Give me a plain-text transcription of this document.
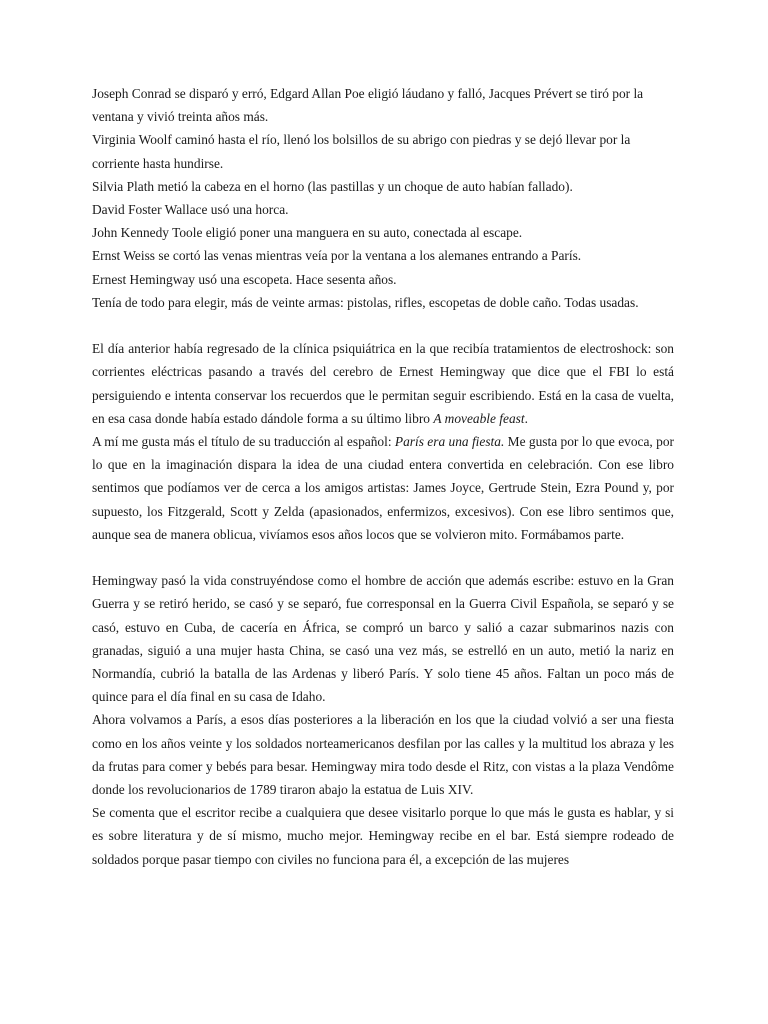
Joseph Conrad se disparó y erró, Edgard Allan Poe eligió láudano y falló, Jacques Prévert se tiró por la ventana y vivió treinta años más.

Virginia Woolf caminó hasta el río, llenó los bolsillos de su abrigo con piedras y se dejó llevar por la corriente hasta hundirse.

Silvia Plath metió la cabeza en el horno (las pastillas y un choque de auto habían fallado).

David Foster Wallace usó una horca.

John Kennedy Toole eligió poner una manguera en su auto, conectada al escape.

Ernst Weiss se cortó las venas mientras veía por la ventana a los alemanes entrando a París.

Ernest Hemingway usó una escopeta. Hace sesenta años.

Tenía de todo para elegir, más de veinte armas: pistolas, rifles, escopetas de doble caño. Todas usadas.

El día anterior había regresado de la clínica psiquiátrica en la que recibía tratamientos de electroshock: son corrientes eléctricas pasando a través del cerebro de Ernest Hemingway que dice que el FBI lo está persiguiendo e intenta conservar los recuerdos que le permitan seguir escribiendo. Está en la casa de vuelta, en esa casa donde había estado dándole forma a su último libro A moveable feast.

A mí me gusta más el título de su traducción al español: París era una fiesta. Me gusta por lo que evoca, por lo que en la imaginación dispara la idea de una ciudad entera convertida en celebración. Con ese libro sentimos que podíamos ver de cerca a los amigos artistas: James Joyce, Gertrude Stein, Ezra Pound y, por supuesto, los Fitzgerald, Scott y Zelda (apasionados, enfermizos, excesivos). Con ese libro sentimos que, aunque sea de manera oblicua, vivíamos esos años locos que se volvieron mito. Formábamos parte.

Hemingway pasó la vida construyéndose como el hombre de acción que además escribe: estuvo en la Gran Guerra y se retiró herido, se casó y se separó, fue corresponsal en la Guerra Civil Española, se separó y se casó, estuvo en Cuba, de cacería en África, se compró un barco y salió a cazar submarinos nazis con granadas, siguió a una mujer hasta China, se casó una vez más, se estrelló en un auto, metió la nariz en Normandía, cubrió la batalla de las Ardenas y liberó París. Y solo tiene 45 años. Faltan un poco más de quince para el día final en su casa de Idaho.

Ahora volvamos a París, a esos días posteriores a la liberación en los que la ciudad volvió a ser una fiesta como en los años veinte y los soldados norteamericanos desfilan por las calles y la multitud los abraza y les da frutas para comer y bebés para besar. Hemingway mira todo desde el Ritz, con vistas a la plaza Vendôme donde los revolucionarios de 1789 tiraron abajo la estatua de Luis XIV.

Se comenta que el escritor recibe a cualquiera que desee visitarlo porque lo que más le gusta es hablar, y si es sobre literatura y de sí mismo, mucho mejor. Hemingway recibe en el bar. Está siempre rodeado de soldados porque pasar tiempo con civiles no funciona para él, a excepción de las mujeres
